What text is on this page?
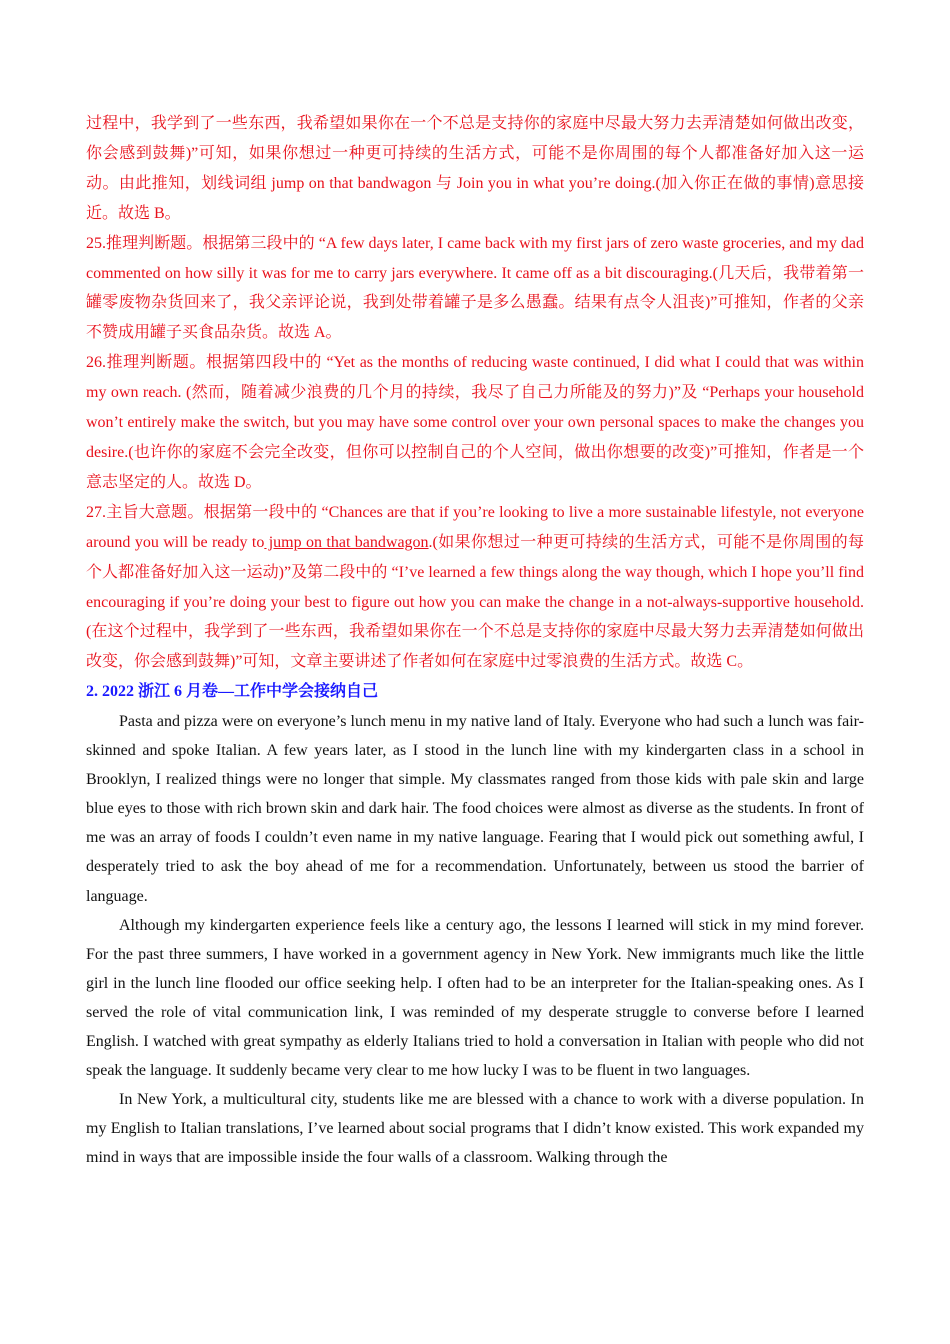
过程中，我学到了一些东西，我希望如果你在一个不总是支持你的家庭中尽最大努力去弄清楚如何做出改变，你会感到鼓舞)”可知，如果你想过一种更可持续的生活方式，可能不是你周围的每个人都准备好加入这一运动。由此推知，划线词组 jump on that bandwagon 与 Join you in what you’re doing.(加入你正在做的事情)意思接近。故选 B。

25.推理判断题。根据第三段中的 “A few days later, I came back with my first jars of zero waste groceries, and my dad commented on how silly it was for me to carry jars everywhere. It came off as a bit discouraging.(几天后，我带着第一罐零废物杂货回来了，我父亲评论说，我到处带着罐子是多么愚蠢。结果有点令人沮丧)”可推知，作者的父亲不赞成用罐子买食品杂货。故选 A。

26.推理判断题。根据第四段中的 “Yet as the months of reducing waste continued, I did what I could that was within my own reach. (然而，随着减少浪费的几个月的持续，我尽了自己力所能及的努力)”及 “Perhaps your household won’t entirely make the switch, but you may have some control over your own personal spaces to make the changes you desire.(也许你的家庭不会完全改变，但你可以控制自己的个人空间，做出你想要的改变)”可推知，作者是一个意志坚定的人。故选 D。

27.主旨大意题。根据第一段中的 “Chances are that if you’re looking to live a more sustainable lifestyle, not everyone around you will be ready to jump on that bandwagon.(如果你想过一种更可持续的生活方式，可能不是你周围的每个人都准备好加入这一运动)”及第二段中的 “I’ve learned a few things along the way though, which I hope you’ll find encouraging if you’re doing your best to figure out how you can make the change in a not-always-supportive household.(在这个过程中，我学到了一些东西，我希望如果你在一个不总是支持你的家庭中尽最大努力去弄清楚如何做出改变，你会感到鼓舞)”可知，文章主要讲述了作者如何在家庭中过零浪费的生活方式。故选 C。

2. 2022 浙江 6 月卷—工作中学会接纳自己

Pasta and pizza were on everyone’s lunch menu in my native land of Italy. Everyone who had such a lunch was fair-skinned and spoke Italian. A few years later, as I stood in the lunch line with my kindergarten class in a school in Brooklyn, I realized things were no longer that simple. My classmates ranged from those kids with pale skin and large blue eyes to those with rich brown skin and dark hair. The food choices were almost as diverse as the students. In front of me was an array of foods I couldn’t even name in my native language. Fearing that I would pick out something awful, I desperately tried to ask the boy ahead of me for a recommendation. Unfortunately, between us stood the barrier of language.

Although my kindergarten experience feels like a century ago, the lessons I learned will stick in my mind forever. For the past three summers, I have worked in a government agency in New York. New immigrants much like the little girl in the lunch line flooded our office seeking help. I often had to be an interpreter for the Italian-speaking ones. As I served the role of vital communication link, I was reminded of my desperate struggle to converse before I learned English. I watched with great sympathy as elderly Italians tried to hold a conversation in Italian with people who did not speak the language. It suddenly became very clear to me how lucky I was to be fluent in two languages.

In New York, a multicultural city, students like me are blessed with a chance to work with a diverse population. In my English to Italian translations, I’ve learned about social programs that I didn’t know existed. This work expanded my mind in ways that are impossible inside the four walls of a classroom. Walking through the
